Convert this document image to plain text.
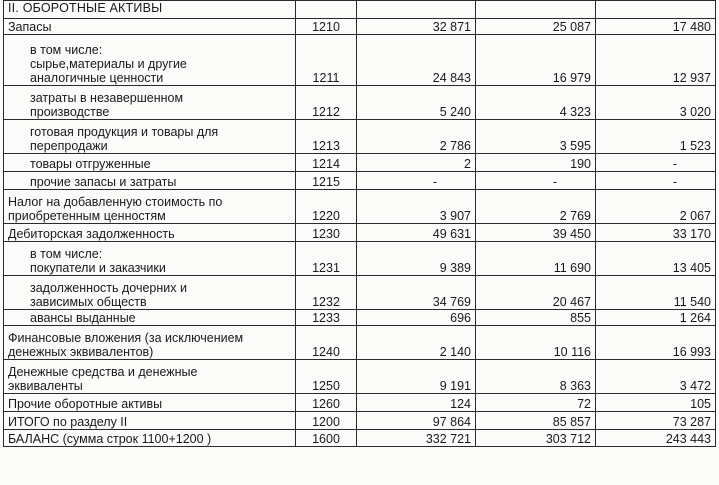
II. ОБОРОТНЫЕ АКТИВЫ				

Запасы	1210	32 871	25 087	17 480

в том числе:
сырье,материалы и другие
аналогичные ценности	1211	24 843	16 979	12 937

затраты в незавершенном
производстве	1212	5 240	4 323	3 020

готовая продукция и товары для
перепродажи	1213	2 786	3 595	1 523

товары отгруженные	1214	2	190	-

прочие запасы и затраты	1215	-	-	-

Налог на добавленную стоимость по
приобретенным ценностям	1220	3 907	2 769	2 067

Дебиторская задолженность	1230	49 631	39 450	33 170

в том числе:
покупатели и заказчики	1231	9 389	11 690	13 405

задолженность дочерних и
зависимых обществ	1232	34 769	20 467	11 540

авансы выданные	1233	696	855	1 264

Финансовые вложения (за исключением
денежных эквивалентов)	1240	2 140	10 116	16 993

Денежные средства и денежные
эквиваленты	1250	9 191	8 363	3 472

Прочие оборотные активы	1260	124	72	105

ИТОГО по разделу II	1200	97 864	85 857	73 287

БАЛАНС (сумма строк 1100+1200 )	1600	332 721	303 712	243 443
